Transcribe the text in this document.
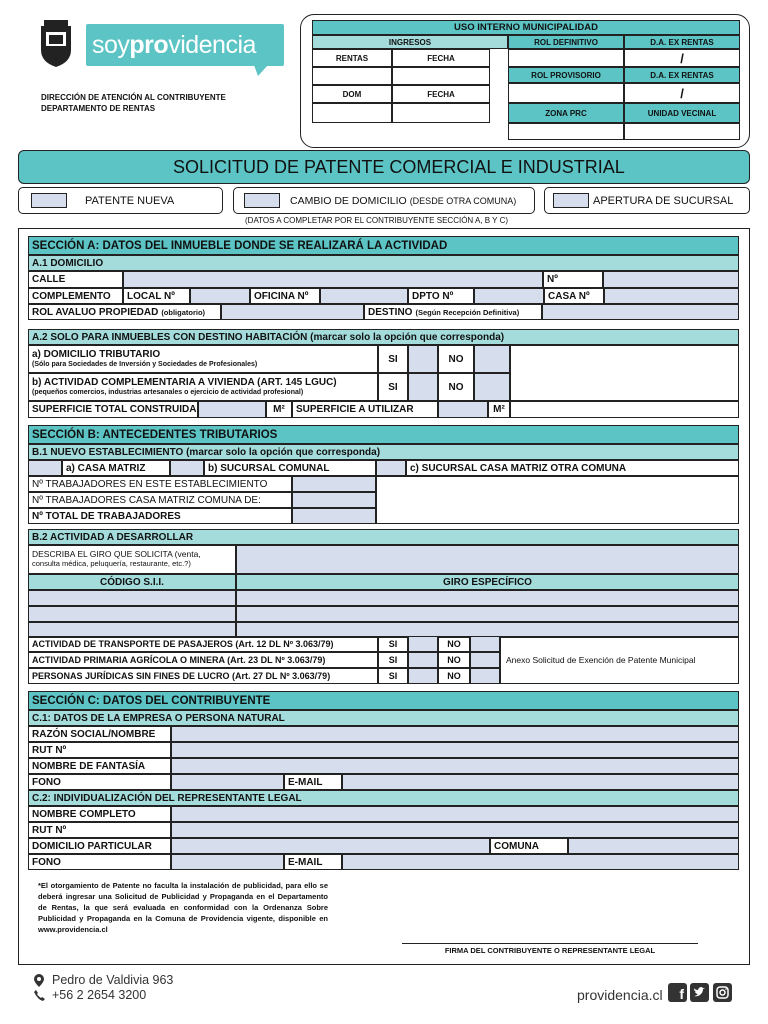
soy pro videncia
DIRECCIÓN DE ATENCIÓN AL CONTRIBUYENTE
DEPARTAMENTO DE RENTAS
USO INTERNO MUNICIPALIDAD
INGRESOS
RENTAS	FECHA
DOM	FECHA
ROL DEFINITIVO	D.A. EX RENTAS
/
ROL PROVISORIO	D.A. EX RENTAS
/
ZONA PRC	UNIDAD VECINAL
SOLICITUD DE PATENTE COMERCIAL E INDUSTRIAL
PATENTE NUEVA	CAMBIO DE DOMICILIO (DESDE OTRA COMUNA)	APERTURA DE SUCURSAL
(DATOS A COMPLETAR POR EL CONTRIBUYENTE SECCIÓN A, B Y C)
SECCIÓN A: DATOS DEL INMUEBLE DONDE SE REALIZARÁ LA ACTIVIDAD
A.1 DOMICILIO
CALLE	Nº
COMPLEMENTO	LOCAL Nº	OFICINA Nº	DPTO Nº	CASA Nº
ROL AVALUO PROPIEDAD (obligatorio)	DESTINO (Según Recepción Definitiva)
A.2 SOLO PARA INMUEBLES CON DESTINO HABITACIÓN (marcar solo la opción que corresponda)
a) DOMICILIO TRIBUTARIO
(Sólo para Sociedades de Inversión y Sociedades de Profesionales)	SI	NO
b) ACTIVIDAD COMPLEMENTARIA A VIVIENDA (ART. 145 LGUC)
(pequeños comercios, industrias artesanales o ejercicio de actividad profesional)	SI	NO
SUPERFICIE TOTAL CONSTRUIDA	M²	SUPERFICIE A UTILIZAR	M²
SECCIÓN B: ANTECEDENTES TRIBUTARIOS
B.1 NUEVO ESTABLECIMIENTO (marcar solo la opción que corresponda)
a) CASA MATRIZ	b) SUCURSAL COMUNAL	c) SUCURSAL CASA MATRIZ OTRA COMUNA
Nº TRABAJADORES EN ESTE ESTABLECIMIENTO
Nº TRABAJADORES CASA MATRIZ COMUNA DE:
Nº TOTAL DE TRABAJADORES
B.2 ACTIVIDAD A DESARROLLAR
DESCRIBA EL GIRO QUE SOLICITA (venta,
consulta médica, peluquería, restaurante, etc.?)
CÓDIGO S.I.I.	GIRO ESPECÍFICO
ACTIVIDAD DE TRANSPORTE DE PASAJEROS (Art. 12 DL Nº 3.063/79)	SI	NO
ACTIVIDAD PRIMARIA AGRÍCOLA O MINERA (Art. 23 DL Nº 3.063/79)	SI	NO
PERSONAS JURÍDICAS SIN FINES DE LUCRO (Art. 27 DL Nº 3.063/79)	SI	NO
Anexo Solicitud de Exención de Patente Municipal
SECCIÓN C: DATOS DEL CONTRIBUYENTE
C.1: DATOS DE LA EMPRESA O PERSONA NATURAL
RAZÓN SOCIAL/NOMBRE
RUT Nº
NOMBRE DE FANTASÍA
FONO	E-MAIL
C.2: INDIVIDUALIZACIÓN DEL REPRESENTANTE LEGAL
NOMBRE COMPLETO
RUT Nº
DOMICILIO PARTICULAR	COMUNA
FONO	E-MAIL
*El otorgamiento de Patente no faculta la instalación de publicidad, para ello se deberá ingresar una Solicitud de Publicidad y Propaganda en el Departamento de Rentas, la que será evaluada en conformidad con la Ordenanza Sobre Publicidad y Propaganda en la Comuna de Providencia vigente, disponible en www.providencia.cl
FIRMA DEL CONTRIBUYENTE O REPRESENTANTE LEGAL
Pedro de Valdivia 963
+56 2 2654 3200	providencia.cl	f
